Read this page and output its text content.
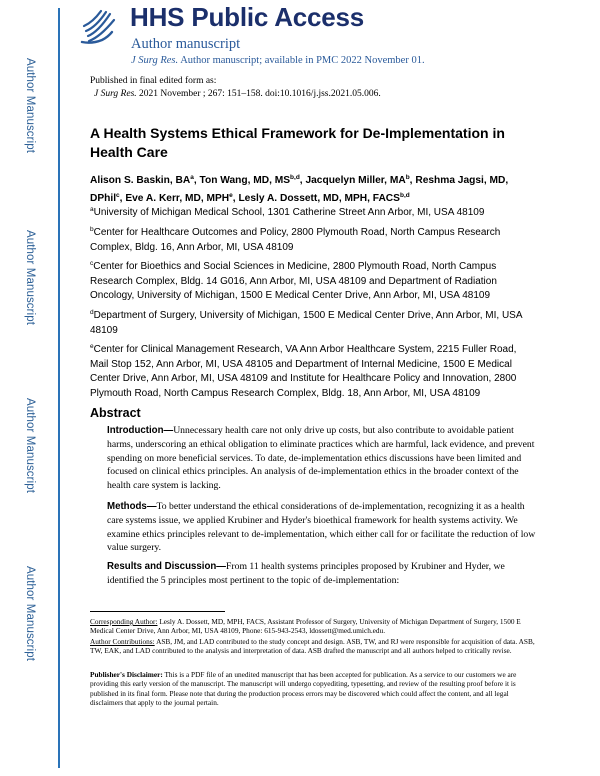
Author Manuscript
Author Manuscript
Author Manuscript
Author Manuscript
HHS Public Access
Author manuscript
J Surg Res. Author manuscript; available in PMC 2022 November 01.
Published in final edited form as:
J Surg Res. 2021 November ; 267: 151–158. doi:10.1016/j.jss.2021.05.006.
A Health Systems Ethical Framework for De-Implementation in Health Care
Alison S. Baskin, $BA^a$, Ton Wang, MD, MS$^{b,d}$, Jacquelyn Miller, $MA^b$, Reshma Jagsi, MD, DPhil$^c$, Eve A. Kerr, MD, MPH$^e$, Lesly A. Dossett, MD, MPH, FACS$^{b,d}$
$^a$University of Michigan Medical School, 1301 Catherine Street Ann Arbor, MI, USA 48109
$^b$Center for Healthcare Outcomes and Policy, 2800 Plymouth Road, North Campus Research Complex, Bldg. 16, Ann Arbor, MI, USA 48109
$^c$Center for Bioethics and Social Sciences in Medicine, 2800 Plymouth Road, North Campus Research Complex, Bldg. 14 G016, Ann Arbor, MI, USA 48109 and Department of Radiation Oncology, University of Michigan, 1500 E Medical Center Drive, Ann Arbor, MI, USA 48109
$^d$Department of Surgery, University of Michigan, 1500 E Medical Center Drive, Ann Arbor, MI, USA 48109
$^e$Center for Clinical Management Research, VA Ann Arbor Healthcare System, 2215 Fuller Road, Mail Stop 152, Ann Arbor, MI, USA 48105 and Department of Internal Medicine, 1500 E Medical Center Drive, Ann Arbor, MI, USA 48109 and Institute for Healthcare Policy and Innovation, 2800 Plymouth Road, North Campus Research Complex, Bldg. 18, Ann Arbor, MI, USA 48109
Abstract
Introduction—Unnecessary health care not only drive up costs, but also contribute to avoidable patient harms, underscoring an ethical obligation to eliminate practices which are harmful, lack evidence, and prevent spending on more beneficial services. To date, de-implementation ethics discussions have been limited and focused on clinical ethics principles. An analysis of de-implementation ethics in the broader context of the health care system is lacking.
Methods—To better understand the ethical considerations of de-implementation, recognizing it as a health care systems issue, we applied Krubiner and Hyder's bioethical framework for health systems activity. We examine ethics principles relevant to de-implementation, which either call for or facilitate the reduction of low value surgery.
Results and Discussion—From 11 health systems principles proposed by Krubiner and Hyder, we identified the 5 principles most pertinent to the topic of de-implementation:
Corresponding Author: Lesly A. Dossett, MD, MPH, FACS, Assistant Professor of Surgery, University of Michigan Department of Surgery, 1500 E Medical Center Drive, Ann Arbor, MI, USA 48109, Phone: 615-943-2543, ldossett@med.umich.edu.
Author Contributions: ASB, JM, and LAD contributed to the study concept and design. ASB, TW, and RJ were responsible for acquisition of data. ASB, TW, EAK, and LAD contributed to the analysis and interpretation of data. ASB drafted the manuscript and all authors helped to critically revise.
Publisher's Disclaimer: This is a PDF file of an unedited manuscript that has been accepted for publication. As a service to our customers we are providing this early version of the manuscript. The manuscript will undergo copyediting, typesetting, and review of the resulting proof before it is published in its final form. Please note that during the production process errors may be discovered which could affect the content, and all legal disclaimers that apply to the journal pertain.
